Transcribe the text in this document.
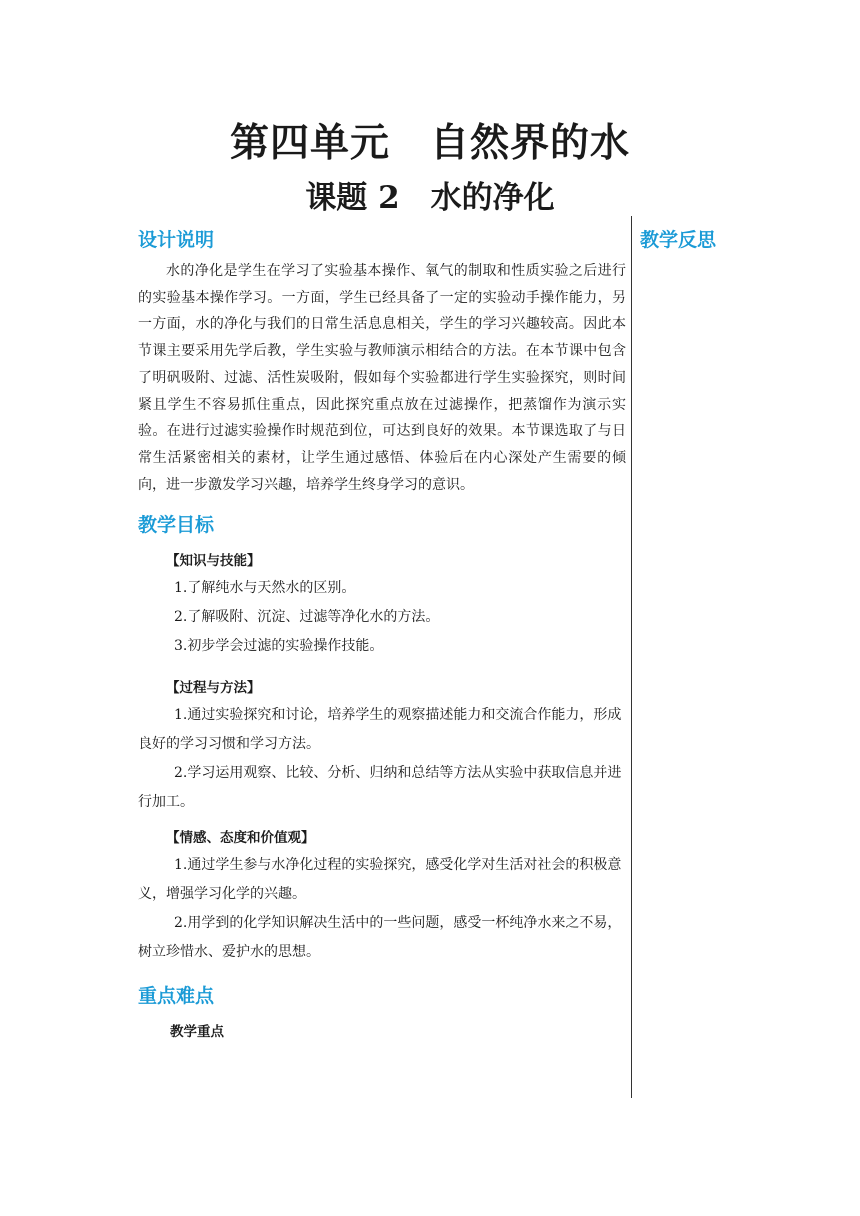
第四单元　自然界的水
课题 2　水的净化
设计说明

水的净化是学生在学习了实验基本操作、氧气的制取和性质实验之后进行的实验基本操作学习。一方面，学生已经具备了一定的实验动手操作能力，另一方面，水的净化与我们的日常生活息息相关，学生的学习兴趣较高。因此本节课主要采用先学后教，学生实验与教师演示相结合的方法。在本节课中包含了明矾吸附、过滤、活性炭吸附，假如每个实验都进行学生实验探究，则时间紧且学生不容易抓住重点，因此探究重点放在过滤操作，把蒸馏作为演示实验。在进行过滤实验操作时规范到位，可达到良好的效果。本节课选取了与日常生活紧密相关的素材，让学生通过感悟、体验后在内心深处产生需要的倾向，进一步激发学习兴趣，培养学生终身学习的意识。

教学目标

【知识与技能】

1.了解纯水与天然水的区别。

2.了解吸附、沉淀、过滤等净化水的方法。

3.初步学会过滤的实验操作技能。

【过程与方法】

1.通过实验探究和讨论，培养学生的观察描述能力和交流合作能力，形成良好的学习习惯和学习方法。

2.学习运用观察、比较、分析、归纳和总结等方法从实验中获取信息并进行加工。

【情感、态度和价值观】

1.通过学生参与水净化过程的实验探究，感受化学对生活对社会的积极意义，增强学习化学的兴趣。

2.用学到的化学知识解决生活中的一些问题，感受一杯纯净水来之不易，树立珍惜水、爱护水的思想。

重点难点

教学重点

教学反思
